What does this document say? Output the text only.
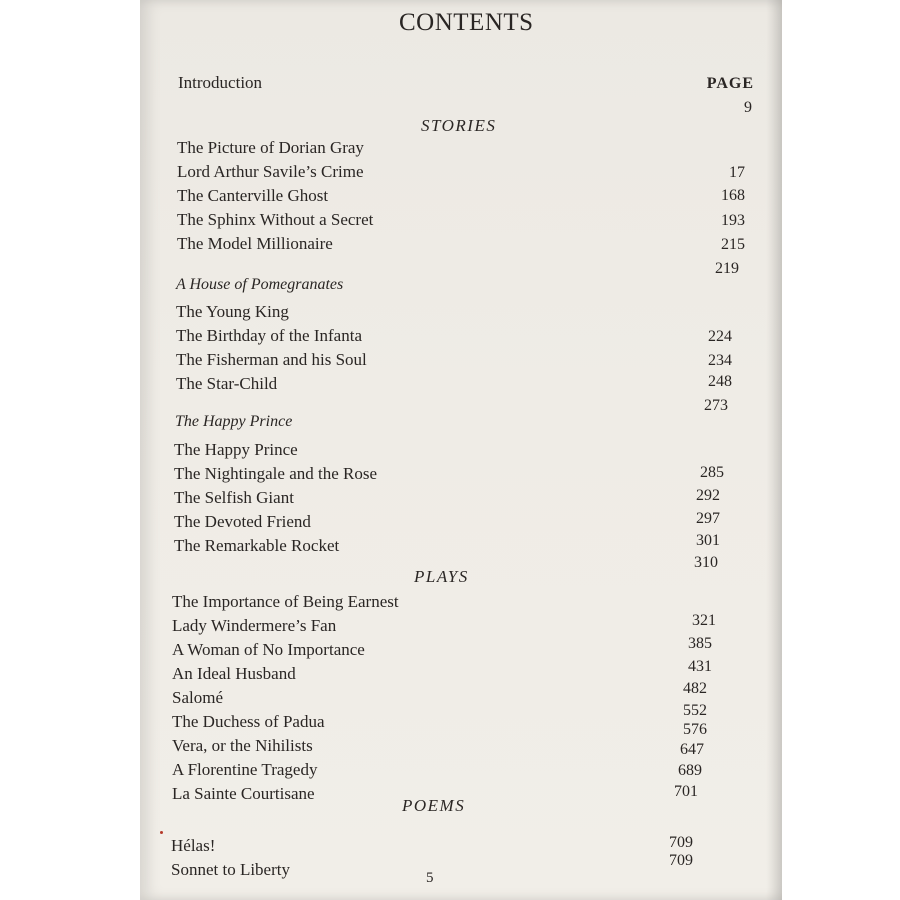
CONTENTS
Introduction	PAGE
9
STORIES
A House of Pomegranates
The Happy Prince
PLAYS
POEMS
The Picture of Dorian Gray
Lord Arthur Savile’s Crime
The Canterville Ghost
The Sphinx Without a Secret
The Model Millionaire
The Young King
The Birthday of the Infanta
The Fisherman and his Soul
The Star-Child
The Happy Prince
The Nightingale and the Rose
The Selfish Giant
The Devoted Friend
The Remarkable Rocket
The Importance of Being Earnest
Lady Windermere’s Fan
A Woman of No Importance
An Ideal Husband
Salomé
The Duchess of Padua
Vera, or the Nihilists
A Florentine Tragedy
La Sainte Courtisane
Hélas!
Sonnet to Liberty
17
168
193
215
219
224
234
248
273
285
292
297
301
310
321
385
431
482
552
576
647
689
701
709
709
5
